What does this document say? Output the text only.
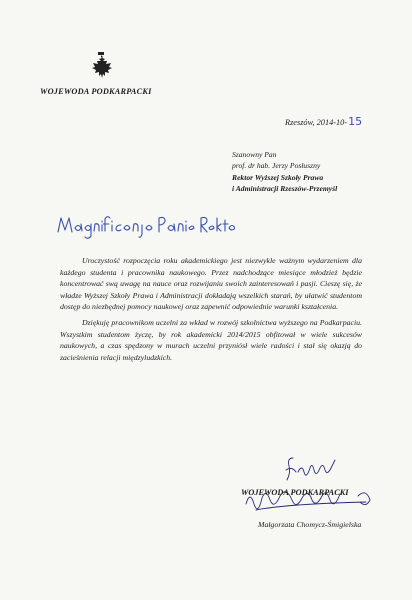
WOJEWODA PODKARPACKI
Rzeszów, 2014-10-15
Szanowny Pan
prof. dr hab. Jerzy Posłuszny
Rektor Wyższej Szkoły Prawa
i Administracji Rzeszów-Przemyśl

Uroczystość rozpoczęcia roku akademickiego jest niezwykle ważnym wydarzeniem dla każdego studenta i pracownika naukowego. Przez nadchodzące miesiące młodzież będzie koncentrować swą uwagę na nauce oraz rozwijaniu swoich zainteresowań i pasji. Cieszę się, że władze Wyższej Szkoły Prawa i Administracji dokładają wszelkich starań, by ułatwić studentom dostęp do niezbędnej pomocy naukowej oraz zapewnić odpowiednie warunki kształcenia.

Dziękuję pracownikom uczelni za wkład w rozwój szkolnictwa wyższego na Podkarpaciu. Wszystkim studentom życzę, by rok akademicki 2014/2015 obfitował w wiele sukcesów naukowych, a czas spędzony w murach uczelni przyniósł wiele radości i stał się okazją do zacieśnienia relacji międzyludzkich.

WOJEWODA PODKARPACKI
Małgorzata Chomycz-Śmigielska
